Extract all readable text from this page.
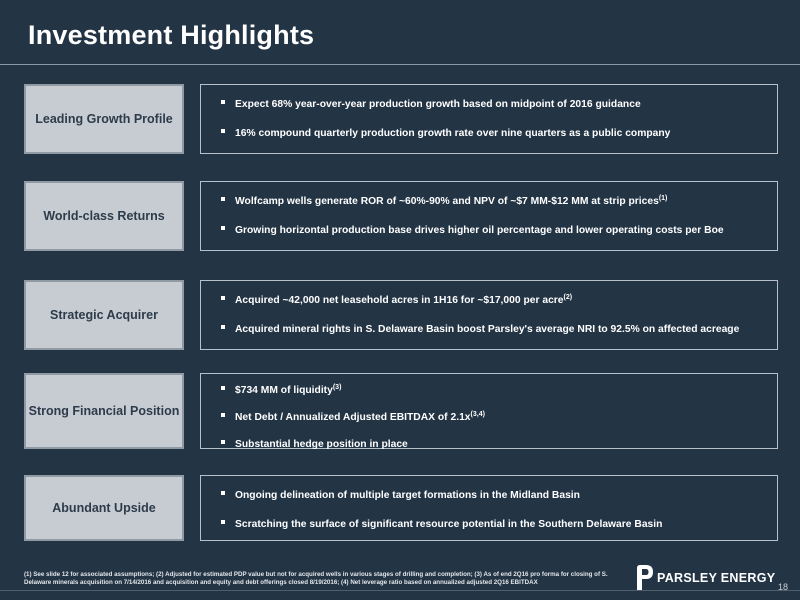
Investment Highlights
Leading Growth Profile
Expect 68% year-over-year production growth based on midpoint of 2016 guidance
16% compound quarterly production growth rate over nine quarters as a public company
World-class Returns
Wolfcamp wells generate ROR of ~60%-90% and NPV of ~$7 MM-$12 MM at strip prices$^{(1)}$
Growing horizontal production base drives higher oil percentage and lower operating costs per Boe
Strategic Acquirer
Acquired ~42,000 net leasehold acres in 1H16 for ~$17,000 per acre$^{(2)}$
Acquired mineral rights in S. Delaware Basin boost Parsley's average NRI to 92.5% on affected acreage
Strong Financial Position
$734 MM of liquidity$^{(3)}$
Net Debt / Annualized Adjusted EBITDAX of $2.1x^{(3,4)}$
Substantial hedge position in place
Abundant Upside
Ongoing delineation of multiple target formations in the Midland Basin
Scratching the surface of significant resource potential in the Southern Delaware Basin
(1) See slide 12 for associated assumptions; (2) Adjusted for estimated PDP value but not for acquired wells in various stages of drilling and completion; (3) As of end 2Q16 pro forma for closing of S. Delaware minerals acquisition on 7/14/2016 and acquisition and equity and debt offerings closed 8/19/2016; (4) Net leverage ratio based on annualized adjusted 2Q16 EBITDAX	PARSLEY ENERGY
18
